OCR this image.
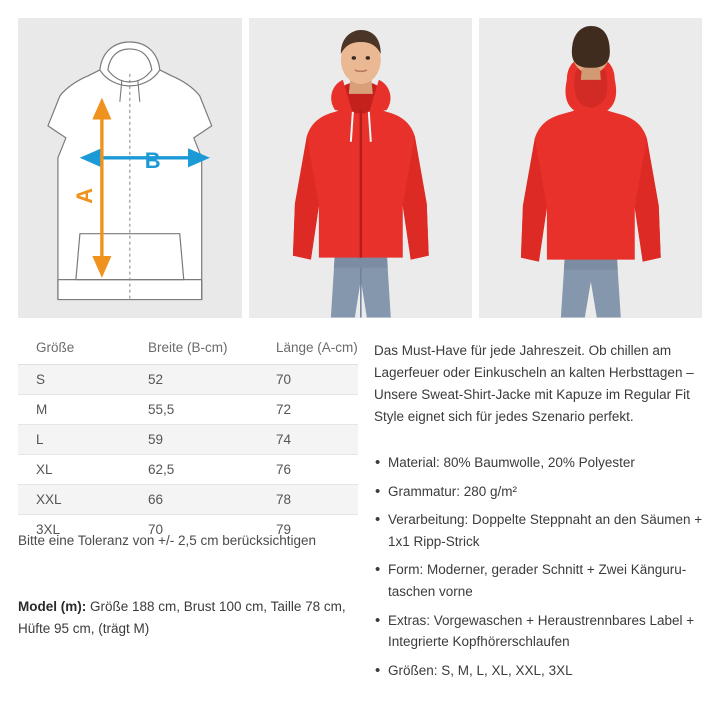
B
A
Größe	Breite (B-cm)	Länge (A-cm)
S	52	70
M	55,5	72
L	59	74
XL	62,5	76
XXL	66	78
3XL	70	79
Bitte eine Toleranz von +/- 2,5 cm berücksichtigen
Model (m): Größe 188 cm, Brust 100 cm, Taille 78 cm, Hüfte 95 cm, (trägt M)

Das Must-Have für jede Jahreszeit. Ob chillen am Lagerfeuer oder Einkuscheln an kalten Herbsttagen – Unsere Sweat-Shirt-Jacke mit Kapuze im Regular Fit Style eignet sich für jedes Szenario perfekt.

• Material: 80% Baumwolle, 20% Polyester
• Grammatur: 280 g/m²
• Verarbeitung: Doppelte Steppnaht an den Säumen + 1x1 Ripp-Strick
• Form: Moderner, gerader Schnitt + Zwei Kängurutaschen vorne
• Extras: Vorgewaschen + Heraustrennbares Label + Integrierte Kopfhörerschlaufen
• Größen: S, M, L, XL, XXL, 3XL
